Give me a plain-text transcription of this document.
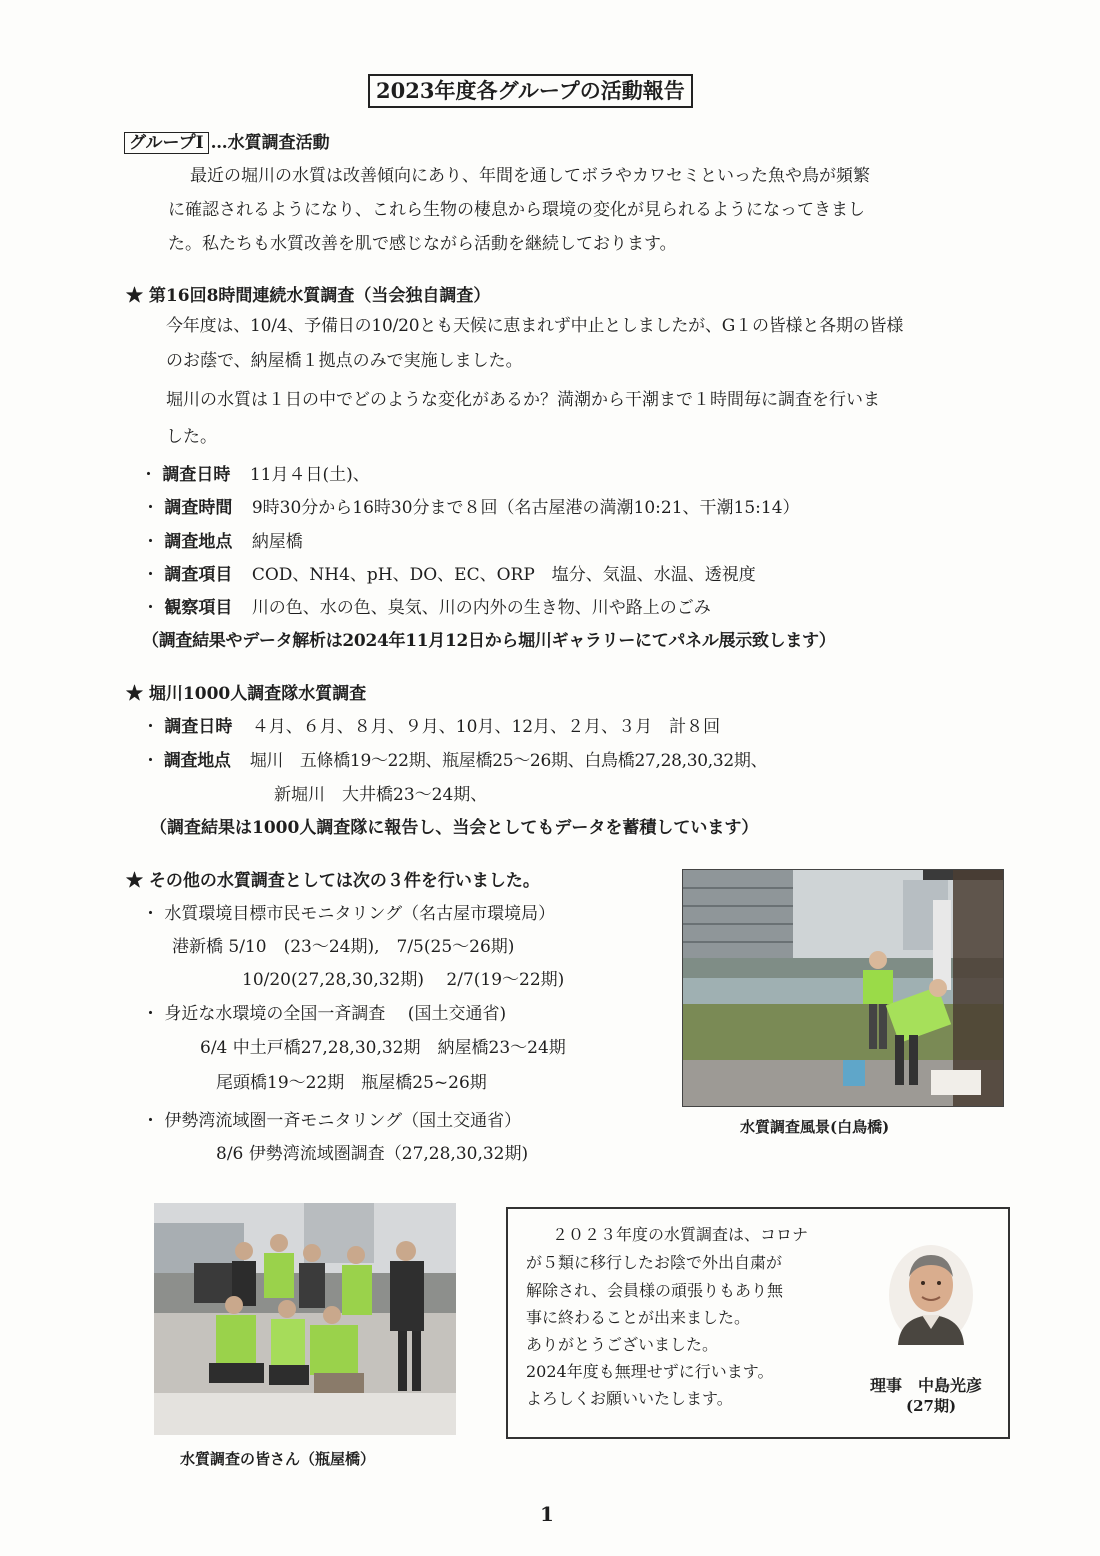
2023年度各グループの活動報告
グループⅠ …水質調査活動
最近の堀川の水質は改善傾向にあり、年間を通してボラやカワセミといった魚や鳥が頻繁
に確認されるようになり、これら生物の棲息から環境の変化が見られるようになってきまし
た。私たちも水質改善を肌で感じながら活動を継続しております。
★ 第16回8時間連続水質調査（当会独自調査）
今年度は、10/4、予備日の10/20とも天候に恵まれず中止としましたが、G１の皆様と各期の皆様
のお蔭で、納屋橋１拠点のみで実施しました。
堀川の水質は１日の中でどのような変化があるか？満潮から干潮まで１時間毎に調査を行いま
した。
・ 調査日時 11月４日(土)、
・ 調査時間 9時30分から16時30分まで８回（名古屋港の満潮10:21、干潮15:14）
・ 調査地点 納屋橋
・ 調査項目 COD、NH4、pH、DO、EC、ORP　塩分、気温、水温、透視度
・ 観察項目 川の色、水の色、臭気、川の内外の生き物、川や路上のごみ
（調査結果やデータ解析は2024年11月12日から堀川ギャラリーにてパネル展示致します）
★ 堀川1000人調査隊水質調査
・ 調査日時 ４月、６月、８月、９月、10月、12月、２月、３月　計８回
・ 調査地点 堀川　五條橋19～22期、瓶屋橋25～26期、白鳥橋27,28,30,32期、
新堀川　大井橋23～24期、
（調査結果は1000人調査隊に報告し、当会としてもデータを蓄積しています）
★ その他の水質調査としては次の３件を行いました。
・ 水質環境目標市民モニタリング（名古屋市環境局）
港新橋 5/10　(23～24期),　7/5(25～26期)
10/20(27,28,30,32期)　 2/7(19～22期)
・ 身近な水環境の全国一斉調査　 (国土交通省)
6/4 中土戸橋27,28,30,32期　納屋橋23～24期
尾頭橋19～22期　瓶屋橋25~26期
・ 伊勢湾流域圏一斉モニタリング（国土交通省）
8/6 伊勢湾流域圏調査（27,28,30,32期)
水質調査風景(白鳥橋)
水質調査の皆さん（瓶屋橋）
２０２３年度の水質調査は、コロナ
が５類に移行したお陰で外出自粛が
解除され、会員様の頑張りもあり無
事に終わることが出来ました。
ありがとうございました。
2024年度も無理せずに行います。
よろしくお願いいたします。
理事　中島光彦
(27期)
1
